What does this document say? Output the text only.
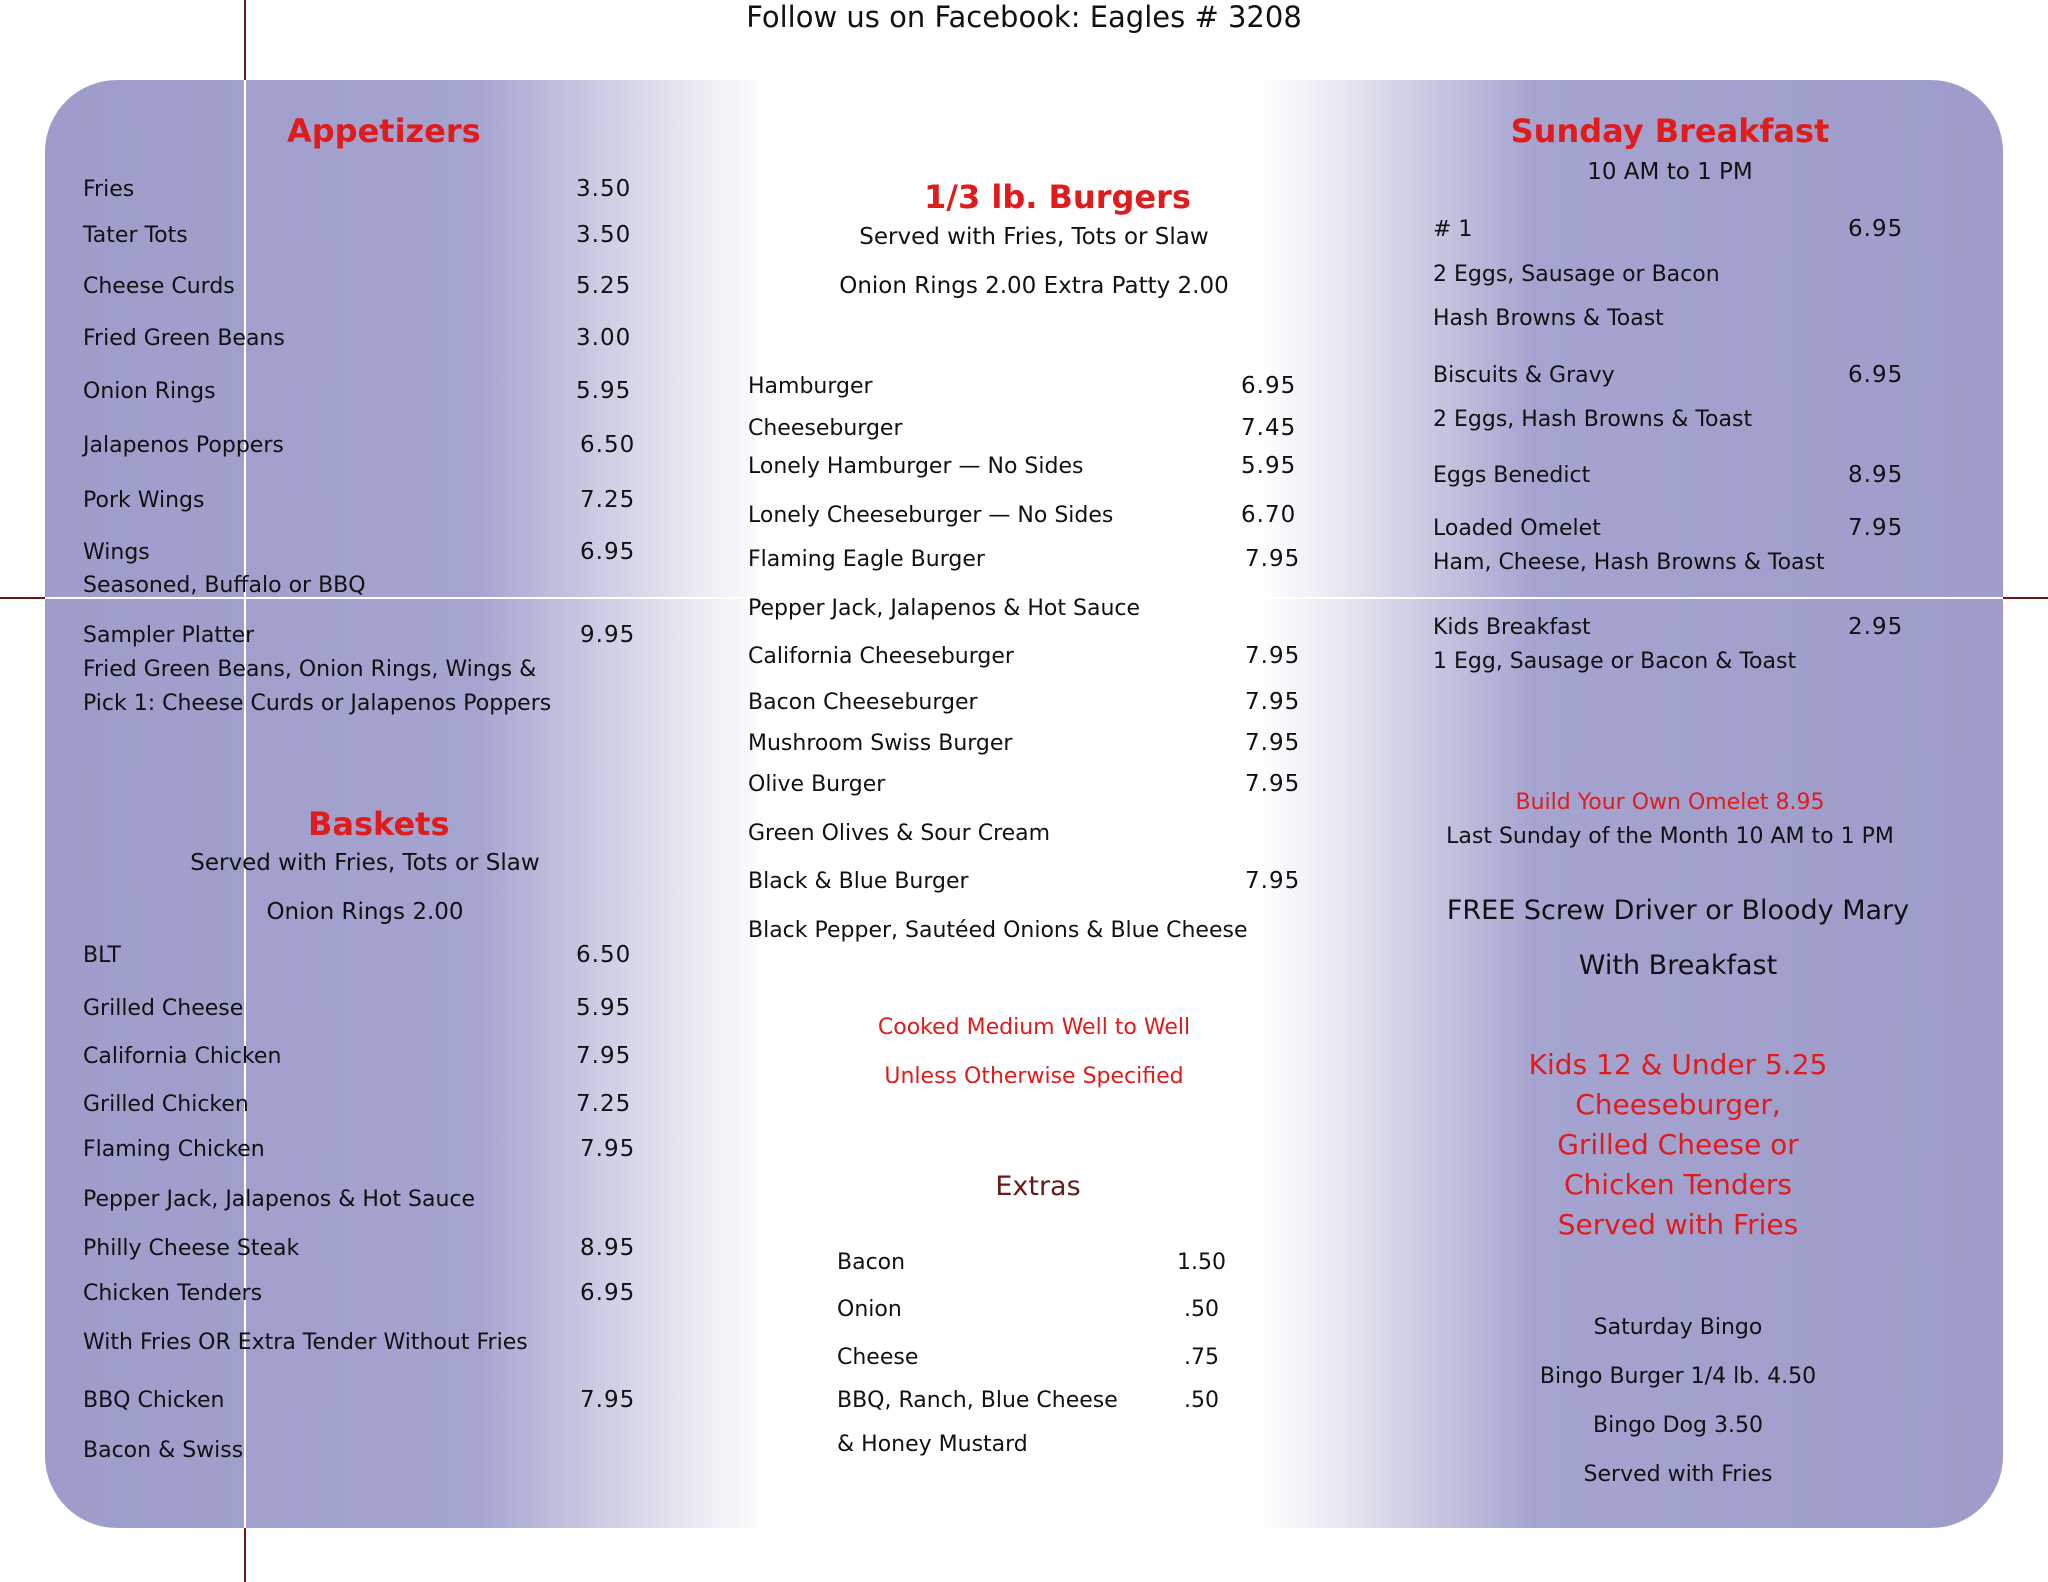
Follow us on Facebook: Eagles # 3208
Appetizers
Fries	3.50
Tater Tots	3.50
Cheese Curds	5.25
Fried Green Beans	3.00
Onion Rings	5.95
Jalapenos Poppers	6.50
Pork Wings	7.25
Wings	6.95
Seasoned, Buffalo or BBQ
Sampler Platter	9.95
Fried Green Beans, Onion Rings, Wings &
Pick 1: Cheese Curds or Jalapenos Poppers
Baskets
Served with Fries, Tots or Slaw
Onion Rings 2.00
BLT	6.50
Grilled Cheese	5.95
California Chicken	7.95
Grilled Chicken	7.25
Flaming Chicken	7.95
Pepper Jack, Jalapenos & Hot Sauce
Philly Cheese Steak	8.95
Chicken Tenders	6.95
With Fries OR Extra Tender Without Fries
BBQ Chicken	7.95
Bacon & Swiss
1/3 lb. Burgers
Served with Fries, Tots or Slaw
Onion Rings 2.00 Extra Patty 2.00
Hamburger	6.95
Cheeseburger	7.45
Lonely Hamburger — No Sides	5.95
Lonely Cheeseburger — No Sides	6.70
Flaming Eagle Burger	7.95
Pepper Jack, Jalapenos & Hot Sauce
California Cheeseburger	7.95
Bacon Cheeseburger	7.95
Mushroom Swiss Burger	7.95
Olive Burger	7.95
Green Olives & Sour Cream
Black & Blue Burger	7.95
Black Pepper, Sautéed Onions & Blue Cheese
Cooked Medium Well to Well
Unless Otherwise Specified
Extras
Bacon	1.50
Onion	.50
Cheese	.75
BBQ, Ranch, Blue Cheese	.50
& Honey Mustard
Sunday Breakfast
10 AM to 1 PM
# 1	6.95
2 Eggs, Sausage or Bacon
Hash Browns & Toast
Biscuits & Gravy	6.95
2 Eggs, Hash Browns & Toast
Eggs Benedict	8.95
Loaded Omelet	7.95
Ham, Cheese, Hash Browns & Toast
Kids Breakfast	2.95
1 Egg, Sausage or Bacon & Toast
Build Your Own Omelet 8.95
Last Sunday of the Month 10 AM to 1 PM
FREE Screw Driver or Bloody Mary
With Breakfast
Kids 12 & Under 5.25
Cheeseburger,
Grilled Cheese or
Chicken Tenders
Served with Fries
Saturday Bingo
Bingo Burger 1/4 lb. 4.50
Bingo Dog 3.50
Served with Fries
